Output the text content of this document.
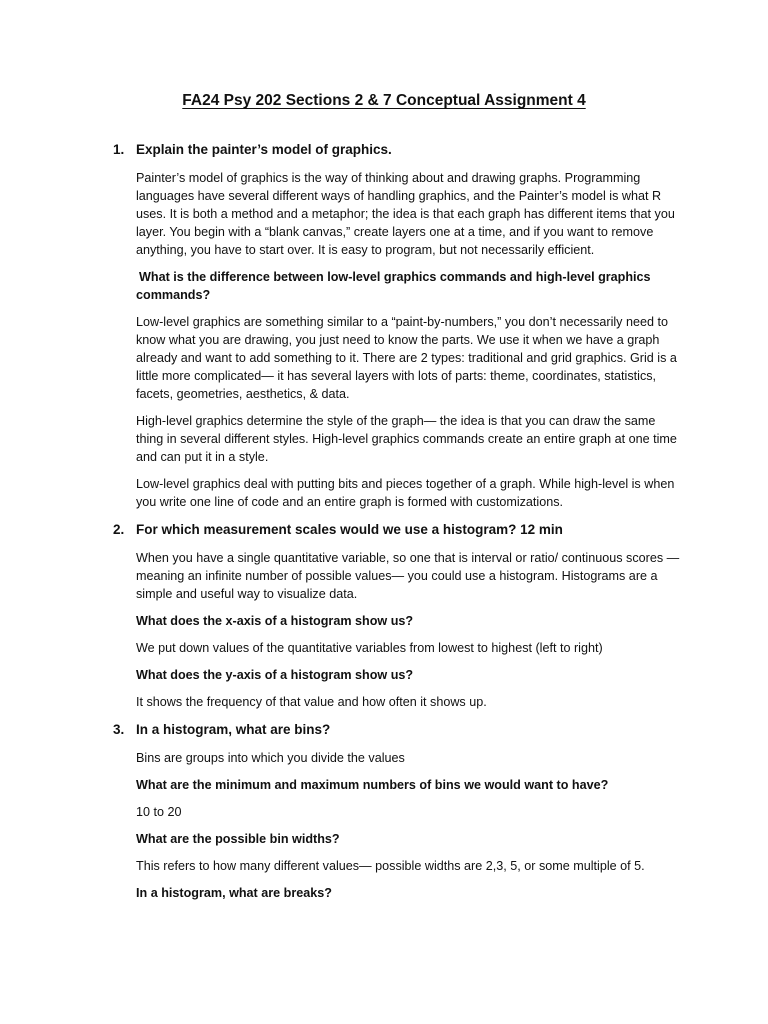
FA24 Psy 202 Sections 2 & 7 Conceptual Assignment 4
1. Explain the painter’s model of graphics.

Painter’s model of graphics is the way of thinking about and drawing graphs. Programming languages have several different ways of handling graphics, and the Painter’s model is what R uses. It is both a method and a metaphor; the idea is that each graph has different items that you layer. You begin with a “blank canvas,” create layers one at a time, and if you want to remove anything, you have to start over. It is easy to program, but not necessarily efficient.

What is the difference between low-level graphics commands and high-level graphics commands?

Low-level graphics are something similar to a “paint-by-numbers,” you don’t necessarily need to know what you are drawing, you just need to know the parts. We use it when we have a graph already and want to add something to it. There are 2 types: traditional and grid graphics. Grid is a little more complicated— it has several layers with lots of parts: theme, coordinates, statistics, facets, geometries, aesthetics, & data.

High-level graphics determine the style of the graph— the idea is that you can draw the same thing in several different styles. High-level graphics commands create an entire graph at one time and can put it in a style.

Low-level graphics deal with putting bits and pieces together of a graph. While high-level is when you write one line of code and an entire graph is formed with customizations.

2. For which measurement scales would we use a histogram? 12 min

When you have a single quantitative variable, so one that is interval or ratio/ continuous scores — meaning an infinite number of possible values— you could use a histogram. Histograms are a simple and useful way to visualize data.

What does the x-axis of a histogram show us?

We put down values of the quantitative variables from lowest to highest (left to right)

What does the y-axis of a histogram show us?

It shows the frequency of that value and how often it shows up.

3. In a histogram, what are bins?

Bins are groups into which you divide the values

What are the minimum and maximum numbers of bins we would want to have?

10 to 20

What are the possible bin widths?

This refers to how many different values— possible widths are 2,3, 5, or some multiple of 5.

In a histogram, what are breaks?
